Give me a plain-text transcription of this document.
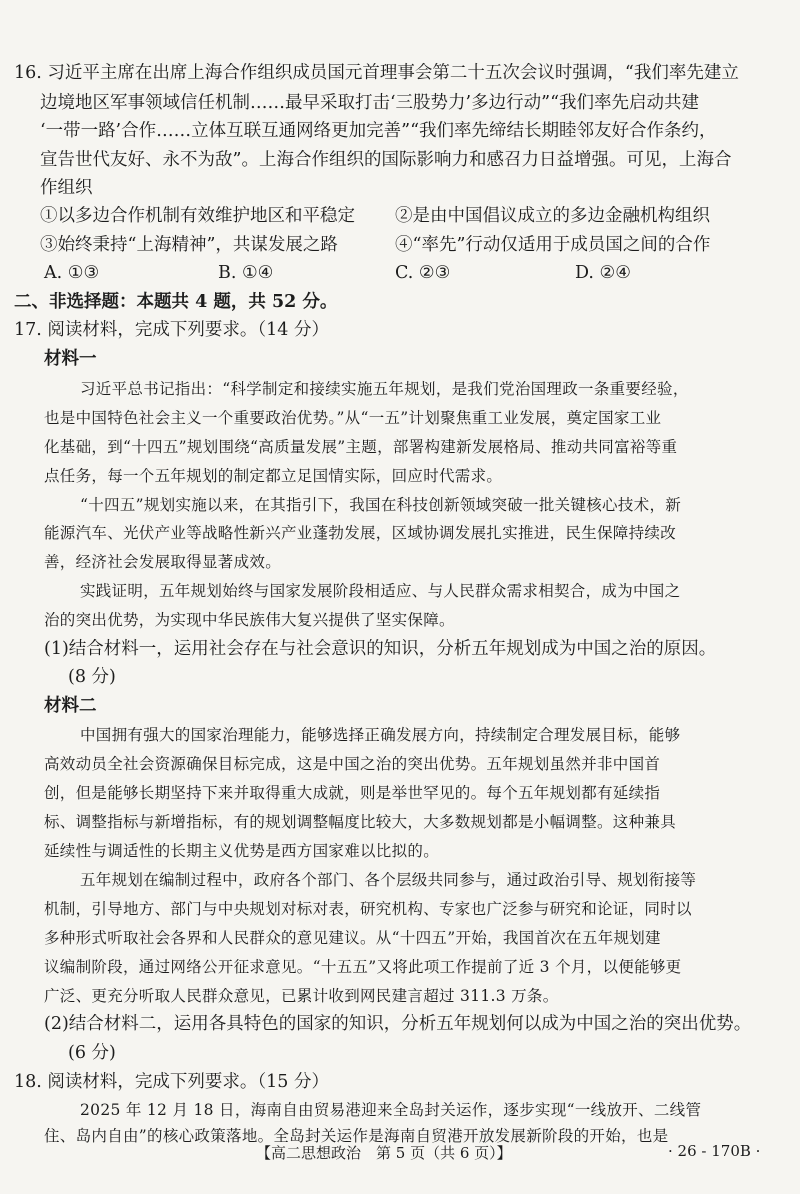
16. 习近平主席在出席上海合作组织成员国元首理事会第二十五次会议时强调，“我们率先建立
边境地区军事领域信任机制……最早采取打击‘三股势力’多边行动”“我们率先启动共建
‘一带一路’合作……立体互联互通网络更加完善”“我们率先缔结长期睦邻友好合作条约，
宣告世代友好、永不为敌”。上海合作组织的国际影响力和感召力日益增强。可见，上海合
作组织
①以多边合作机制有效维护地区和平稳定 ②是由中国倡议成立的多边金融机构组织
③始终秉持“上海精神”，共谋发展之路	④“率先”行动仅适用于成员国之间的合作
A. ①③	B. ①④	C. ②③	D. ②④
二、非选择题：本题共 4 题，共 52 分。
17. 阅读材料，完成下列要求。（14 分）
材料一
习近平总书记指出：“科学制定和接续实施五年规划，是我们党治国理政一条重要经验，
也是中国特色社会主义一个重要政治优势。”从“一五”计划聚焦重工业发展，奠定国家工业
化基础，到“十四五”规划围绕“高质量发展”主题，部署构建新发展格局、推动共同富裕等重
点任务，每一个五年规划的制定都立足国情实际，回应时代需求。
“十四五”规划实施以来，在其指引下，我国在科技创新领域突破一批关键核心技术，新
能源汽车、光伏产业等战略性新兴产业蓬勃发展，区域协调发展扎实推进，民生保障持续改
善，经济社会发展取得显著成效。
实践证明，五年规划始终与国家发展阶段相适应、与人民群众需求相契合，成为中国之
治的突出优势，为实现中华民族伟大复兴提供了坚实保障。
(1)结合材料一，运用社会存在与社会意识的知识，分析五年规划成为中国之治的原因。
(8 分)
材料二
中国拥有强大的国家治理能力，能够选择正确发展方向，持续制定合理发展目标，能够
高效动员全社会资源确保目标完成，这是中国之治的突出优势。五年规划虽然并非中国首
创，但是能够长期坚持下来并取得重大成就，则是举世罕见的。每个五年规划都有延续指
标、调整指标与新增指标，有的规划调整幅度比较大，大多数规划都是小幅调整。这种兼具
延续性与调适性的长期主义优势是西方国家难以比拟的。
五年规划在编制过程中，政府各个部门、各个层级共同参与，通过政治引导、规划衔接等
机制，引导地方、部门与中央规划对标对表，研究机构、专家也广泛参与研究和论证，同时以
多种形式听取社会各界和人民群众的意见建议。从“十四五”开始，我国首次在五年规划建
议编制阶段，通过网络公开征求意见。“十五五”又将此项工作提前了近 3 个月，以便能够更
广泛、更充分听取人民群众意见，已累计收到网民建言超过 311.3 万条。
(2)结合材料二，运用各具特色的国家的知识，分析五年规划何以成为中国之治的突出优势。
(6 分)
18. 阅读材料，完成下列要求。（15 分）
2025 年 12 月 18 日，海南自由贸易港迎来全岛封关运作，逐步实现“一线放开、二线管
住、岛内自由”的核心政策落地。全岛封关运作是海南自贸港开放发展新阶段的开始，也是
【高二思想政治　第 5 页（共 6 页）】	· 26 - 170B ·
